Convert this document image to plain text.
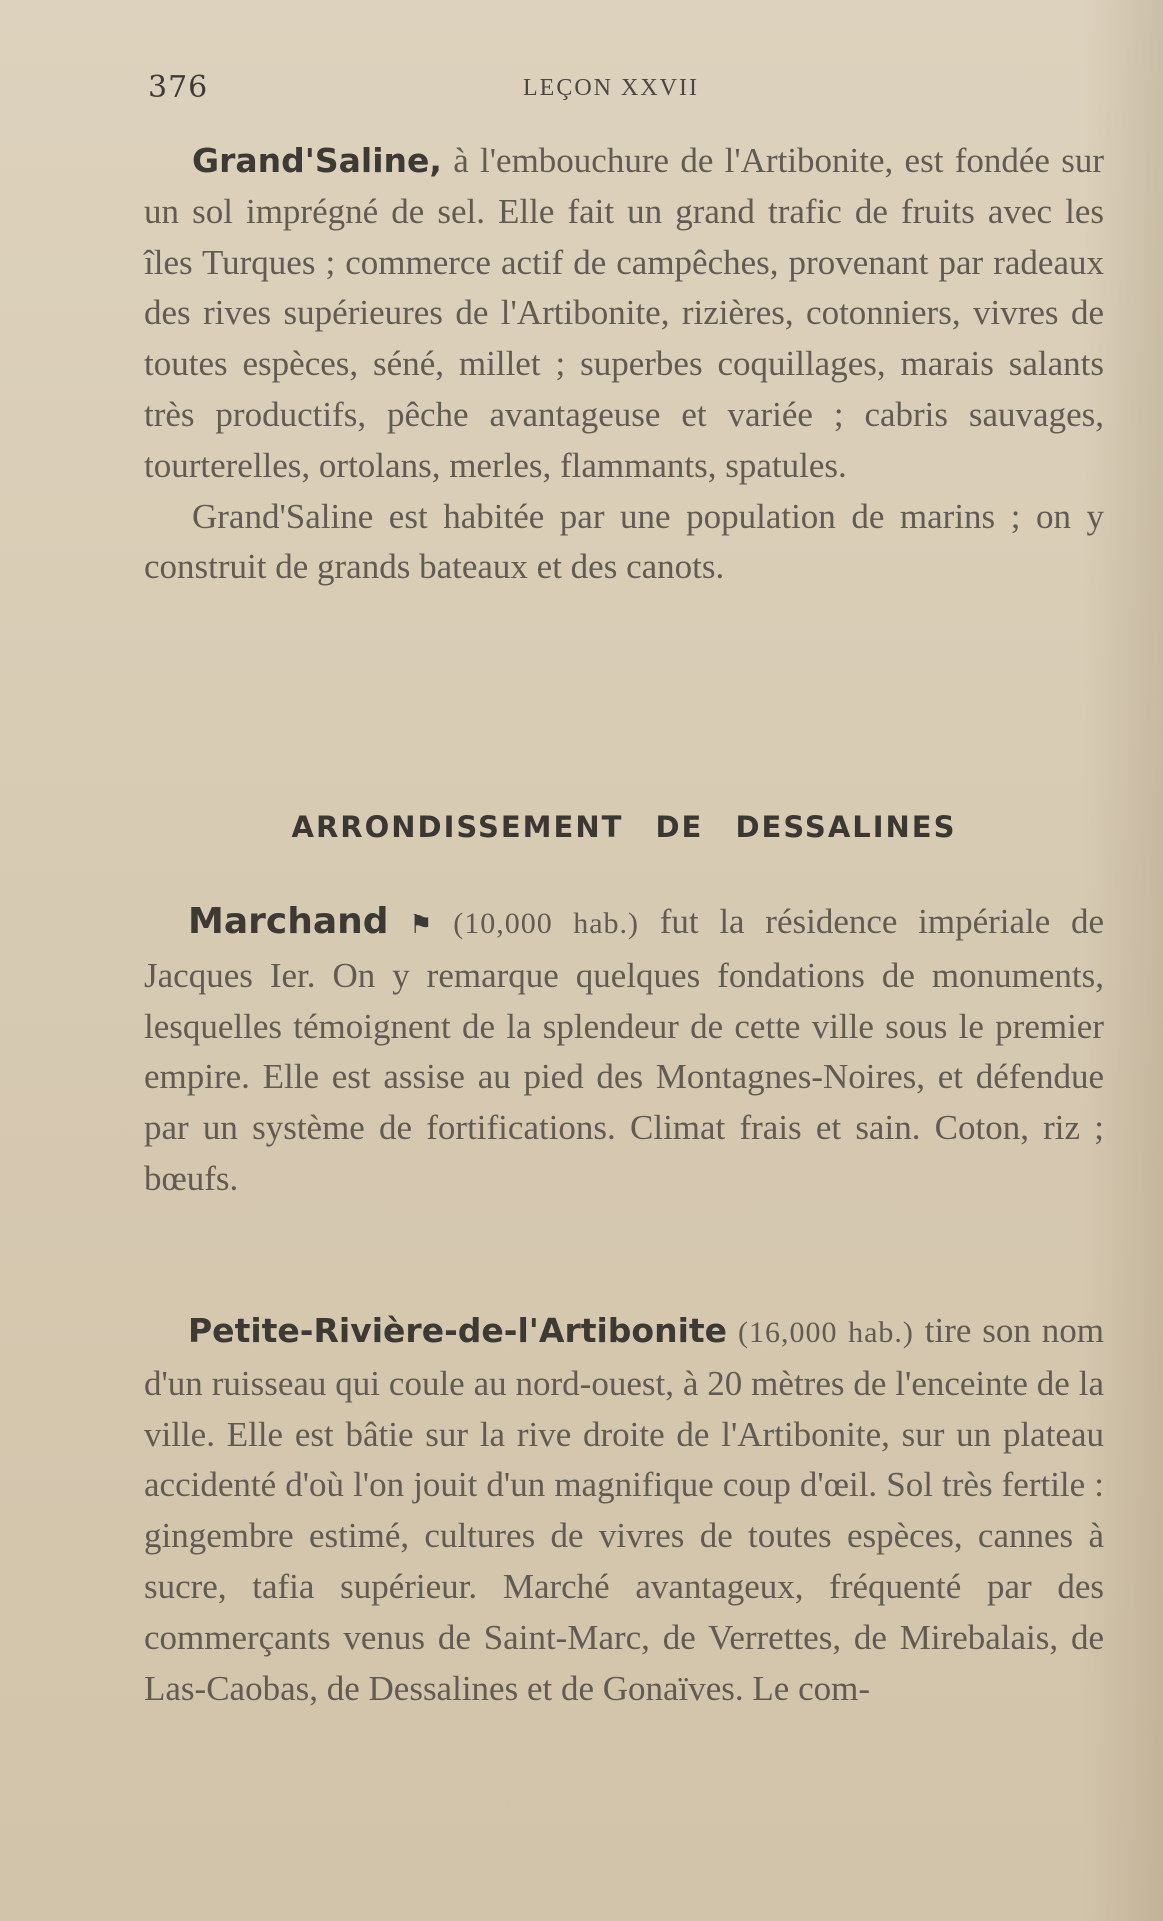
376	LEÇON XXVII

Grand'Saline, à l'embouchure de l'Artibonite, est fondée sur un sol imprégné de sel. Elle fait un grand trafic de fruits avec les îles Turques ; commerce actif de campêches, provenant par radeaux des rives supérieures de l'Artibonite, rizières, cotonniers, vivres de toutes espèces, séné, millet ; superbes coquillages, marais salants très productifs, pêche avantageuse et variée ; cabris sauvages, tourterelles, ortolans, merles, flammants, spatules.

Grand'Saline est habitée par une population de marins ; on y construit de grands bateaux et des canots.

ARRONDISSEMENT DE DESSALINES

Marchand ⚑ (10,000 hab.) fut la résidence impériale de Jacques Ier. On y remarque quelques fondations de monuments, lesquelles témoignent de la splendeur de cette ville sous le premier empire. Elle est assise au pied des Montagnes-Noires, et défendue par un système de fortifications. Climat frais et sain. Coton, riz ; bœufs.

Petite-Rivière-de-l'Artibonite (16,000 hab.) tire son nom d'un ruisseau qui coule au nord-ouest, à 20 mètres de l'enceinte de la ville. Elle est bâtie sur la rive droite de l'Artibonite, sur un plateau accidenté d'où l'on jouit d'un magnifique coup d'œil. Sol très fertile : gingembre estimé, cultures de vivres de toutes espèces, cannes à sucre, tafia supérieur. Marché avantageux, fréquenté par des commerçants venus de Saint-Marc, de Verrettes, de Mirebalais, de Las-Caobas, de Dessalines et de Gonaïves. Le com-
